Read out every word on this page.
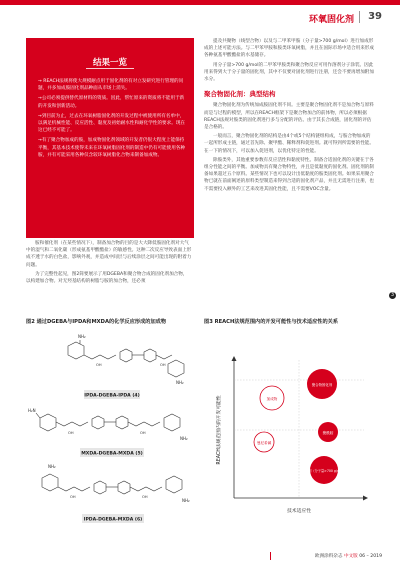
环氧固化剂 39
结果一览
→ REACH法规将使大规模耐点用于固化剂的有对立发研究进行管理的问题，并多加成胺固化剂品种面从市场上消失。
→公司必须提供替代原材料的资质。因此，帮忙原来的资质将不能用于新的开发和创新活动。
→到目前为止，过去在环氧树脂固化剂的开发过程中被使用所有名单中，以满足机械性能、反应活性、黏度及初始耐水性和耐化学性的要求。现在这已经不可能了。
→有了聚合物加成的胺，加成物固化剂领域的开发者仍很大程度上能保持平衡，其基本技术使得未来在环氧树脂固化剂的制造中仍有可能使用各种胺，并有可能采用各种仅含较环氧树脂化合物来制备加成物。

胺和催化剂（在某些情况下），制备加合物的目的是大大降低胺固化剂对大气中的湿气和二氧化碳（形成氨基甲酸酯盐）的敏感性。这种二次反应导致表面上形成不透于水的白色盐，影响外观，并造成中间层与后续涂层之间可能出现的附着力问题。

为了完整性起见，图2简要展示了用DGEBA和聚合物合成的固化剂加合物，以构建加合物。对无羟基结构的树脂与胺的加合物，还必须

提及共聚物（线型合物）以及与二甲苯甲胺（分子量>700 g/mol）进行加成形成的上述可能方法。与二甲苯甲胺和胺类环氧树脂，并且在国际市场中适合用来形成各种氨基甲酸酯盐的水基储存。

用分子量>700 g/mol的二甲苯甲胺类和聚合物反应可用作溶剂分子涂装。因此用来得到大于分子量的固化剂，其中不仅要对固化剂进行注册，还会不要再增加附加水分。

聚合物固化剂：典型结构

聚合物固化剂为传统加成胺固化剂不同。主要是聚合物固化剂不是加合物与原料而是与过程的模型，所以在REACH框架下是聚合物加合的前体物，所以必须根据REACH法规对胺类的固化剂进行多与分配的评估。由于其长合成链，固化剂的评估是合格的。

一般而言，聚合物固化剂的结构是由4个或5个结构链组构成，与胺合物加成的一起所形成主链，通过首先除、聚甲酯、稀释剂和促进剂。就可得到所需要的性能。在一下的情况下，可以加入促进剂，以优化特定的性能。

除胺类外，其他重要参数有反应活性和黏度特性。制备合适固化剂的关键在于各组分性能之间的平衡。加成物具有聚合物特性，并且是低黏度的固化剂。固化剂的制备如果超过五个原料。某些情况下也可以设计出低黏度的胺类固化剂。如果采用聚合物已就在前面阐述的原料类型制造来得到合适的固化剂产品，并且无需进行注册，也不需要投入额外的工艺来改进其固化性能，且不需要VOC含量。

3
图2 通过DGEBA与IPDA和MXDA的化学反应形成的加成物	图3 REACH法规范围内的开发可能性与技术适应性的关系
NH₂
NH₂
OH	OH
IPDA-DGEBA-IPDA (4)
H₂N
NH₂
OH	OH
MXDA-DGEBA-MXDA (5)
NH₂
NH₂
OH	OH
IPDA-DGEBA-MXDA (6)
REACH法规范围内的开发可能性
技术适应性
加成物
聚合物固化剂
曼尼希碱
聚酰胺
固化剂（分子量>700 g/mol）
欧洲涂料杂志 中文版 06 – 2019
